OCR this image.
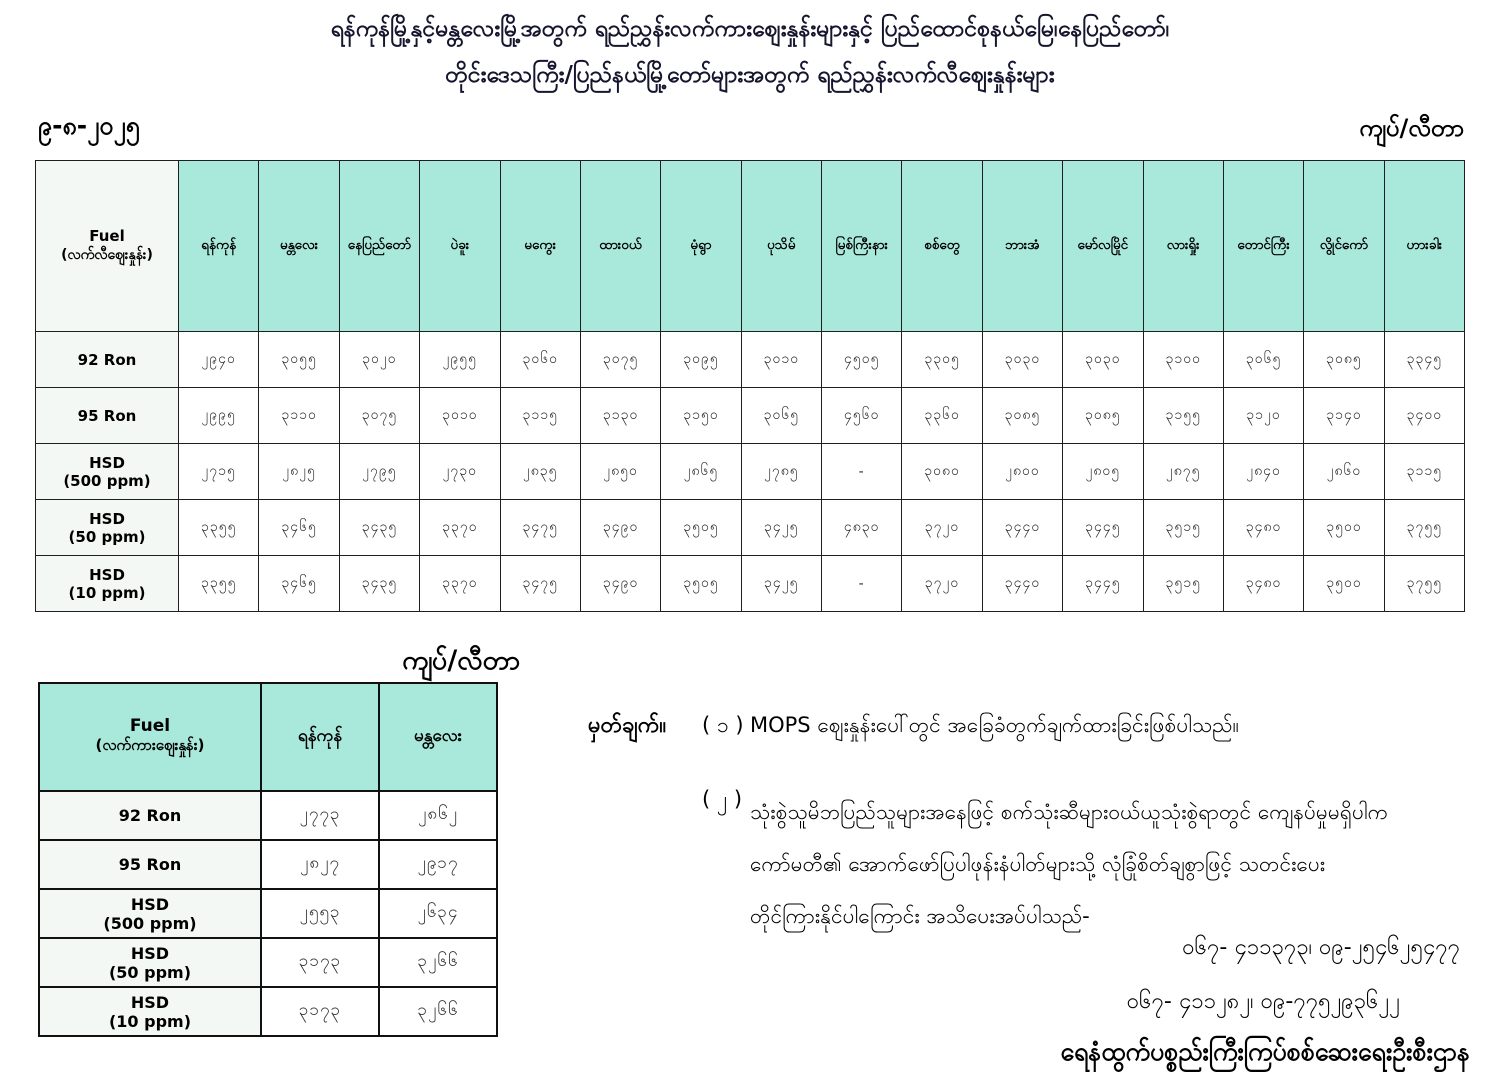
ရန်ကုန်မြို့နှင့်မန္တလေးမြို့အတွက် ရည်ညွှန်းလက်ကားဈေးနှုန်းများနှင့် ပြည်ထောင်စုနယ်မြေ၊နေပြည်တော်၊
တိုင်းဒေသကြီး/ပြည်နယ်မြို့တော်များအတွက် ရည်ညွှန်းလက်လီဈေးနှုန်းများ
၉-၈-၂၀၂၅	ကျပ်/လီတာ
Fuel
(လက်လီဈေးနှုန်း)	ရန်ကုန်	မန္တလေး	နေပြည်တော်	ပဲခူး	မကွေး	ထားဝယ်	မုံရွာ	ပုသိမ်	မြစ်ကြီးနား	စစ်တွေ	ဘားအံ	မော်လမြိုင်	လားရှိုး	တောင်ကြီး	လွိုင်ကော်	ဟားခါး

92 Ron	၂၉၄၀	၃၀၅၅	၃၀၂၀	၂၉၅၅	၃၀၆၀	၃၀၇၅	၃၀၉၅	၃၀၁၀	၄၅၀၅	၃၃၀၅	၃၀၃၀	၃၀၃၀	၃၁၀၀	၃၀၆၅	၃၀၈၅	၃၃၄၅

95 Ron	၂၉၉၅	၃၁၁၀	၃၀၇၅	၃၀၁၀	၃၁၁၅	၃၁၃၀	၃၁၅၀	၃၀၆၅	၄၅၆၀	၃၃၆၀	၃၀၈၅	၃၀၈၅	၃၁၅၅	၃၁၂၀	၃၁၄၀	၃၄၀၀

HSD
(500 ppm)	၂၇၁၅	၂၈၂၅	၂၇၉၅	၂၇၃၀	၂၈၃၅	၂၈၅၀	၂၈၆၅	၂၇၈၅	-	၃၀၈၀	၂၈၀၀	၂၈၀၅	၂၈၇၅	၂၈၄၀	၂၈၆၀	၃၁၁၅

HSD
(50 ppm)	၃၃၅၅	၃၄၆၅	၃၄၃၅	၃၃၇၀	၃၄၇၅	၃၄၉၀	၃၅၀၅	၃၄၂၅	၄၈၃၀	၃၇၂၀	၃၄၄၀	၃၄၄၅	၃၅၁၅	၃၄၈၀	၃၅၀၀	၃၇၅၅

HSD
(10 ppm)	၃၃၅၅	၃၄၆၅	၃၄၃၅	၃၃၇၀	၃၄၇၅	၃၄၉၀	၃၅၀၅	၃၄၂၅	-	၃၇၂၀	၃၄၄၀	၃၄၄၅	၃၅၁၅	၃၄၈၀	၃၅၀၀	၃၇၅၅
ကျပ်/လီတာ
Fuel
(လက်ကားဈေးနှုန်း)	ရန်ကုန်	မန္တလေး

92 Ron	၂၇၇၃	၂၈၆၂

95 Ron	၂၈၂၇	၂၉၁၇

HSD
(500 ppm)	၂၅၅၃	၂၆၃၄

HSD
(50 ppm)	၃၁၇၃	၃၂၆၆

HSD
(10 ppm)	၃၁၇၃	၃၂၆၆
မှတ်ချက်။ ( ၁ ) MOPS ဈေးနှုန်းပေါ်တွင် အခြေခံတွက်ချက်ထားခြင်းဖြစ်ပါသည်။
( ၂ )
သုံးစွဲသူမိဘပြည်သူများအနေဖြင့် စက်သုံးဆီများဝယ်ယူသုံးစွဲရာတွင် ကျေနပ်မှုမရှိပါက
ကော်မတီ၏ အောက်ဖော်ပြပါဖုန်းနံပါတ်များသို့ လုံခြုံစိတ်ချစွာဖြင့် သတင်းပေး
တိုင်ကြားနိုင်ပါကြောင်း အသိပေးအပ်ပါသည်-
၀၆၇- ၄၁၁၃၇၃၊ ၀၉-၂၅၄၆၂၅၄၇၇
၀၆၇- ၄၁၁၂၈၂၊ ၀၉-၇၇၅၂၉၃၆၂၂
ရေနံထွက်ပစ္စည်းကြီးကြပ်စစ်ဆေးရေးဦးစီးဌာန
